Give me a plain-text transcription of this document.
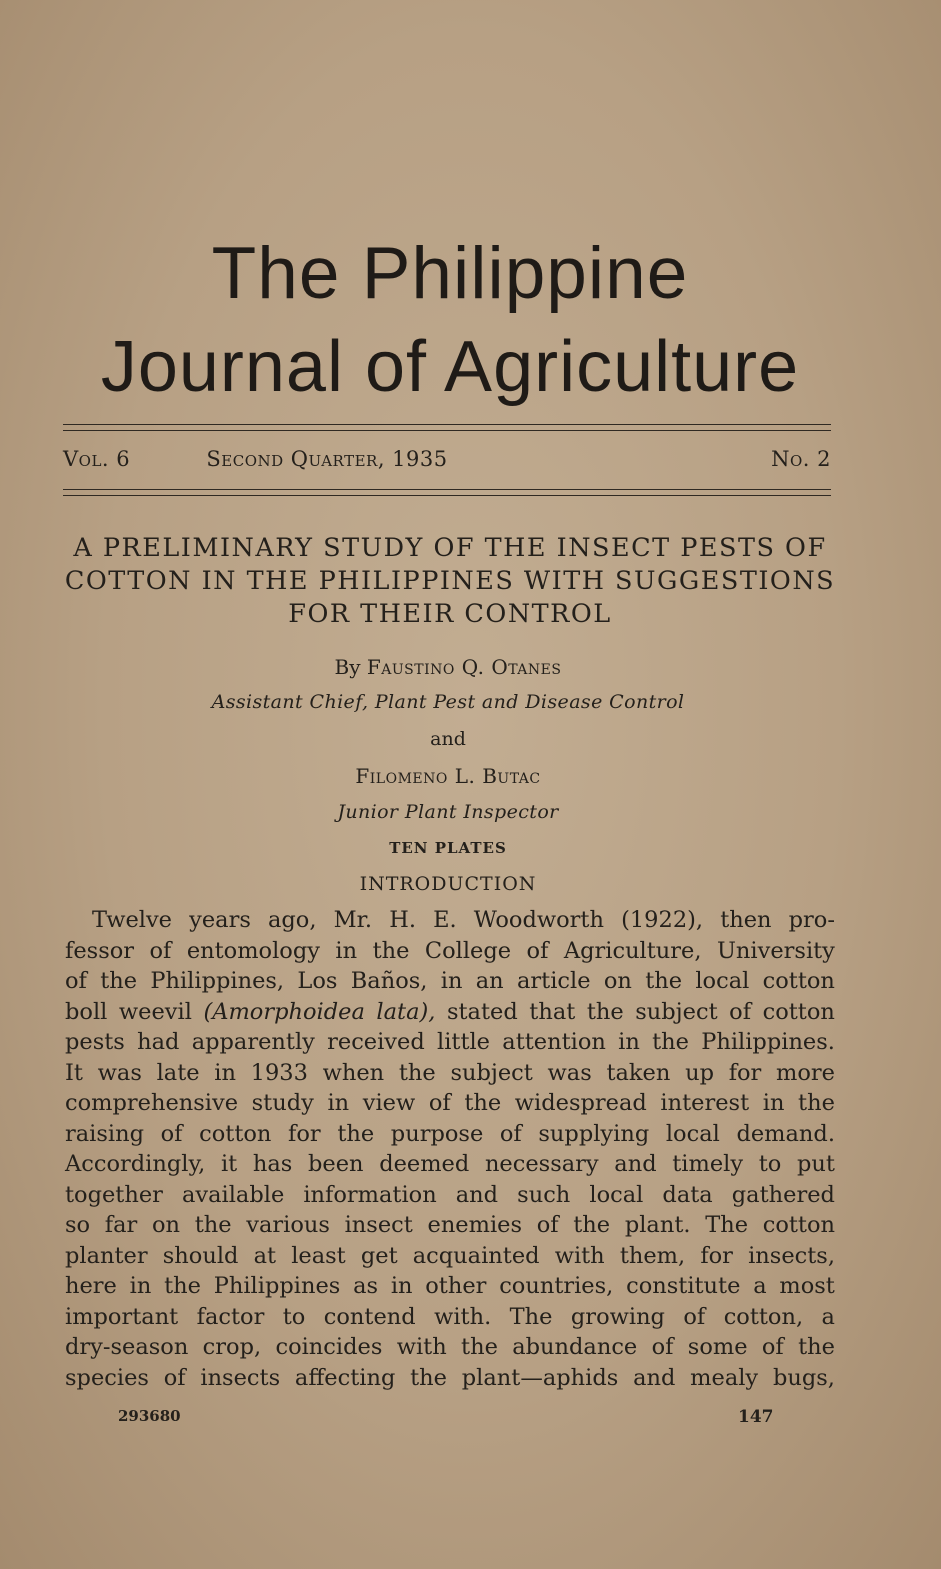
The Philippine
Journal of Agriculture
Vol. 6	Second Quarter, 1935	No. 2
A PRELIMINARY STUDY OF THE INSECT PESTS OF
COTTON IN THE PHILIPPINES WITH SUGGESTIONS
FOR THEIR CONTROL
By Faustino Q. Otanes
Assistant Chief, Plant Pest and Disease Control
and
Filomeno L. Butac
Junior Plant Inspector
TEN PLATES
INTRODUCTION
Twelve years ago, Mr. H. E. Woodworth (1922), then pro-
fessor of entomology in the College of Agriculture, University
of the Philippines, Los Baños, in an article on the local cotton
boll weevil (Amorphoidea lata), stated that the subject of cotton
pests had apparently received little attention in the Philippines.
It was late in 1933 when the subject was taken up for more
comprehensive study in view of the widespread interest in the
raising of cotton for the purpose of supplying local demand.
Accordingly, it has been deemed necessary and timely to put
together available information and such local data gathered
so far on the various insect enemies of the plant. The cotton
planter should at least get acquainted with them, for insects,
here in the Philippines as in other countries, constitute a most
important factor to contend with. The growing of cotton, a
dry-season crop, coincides with the abundance of some of the
species of insects affecting the plant—aphids and mealy bugs,
293680	147
